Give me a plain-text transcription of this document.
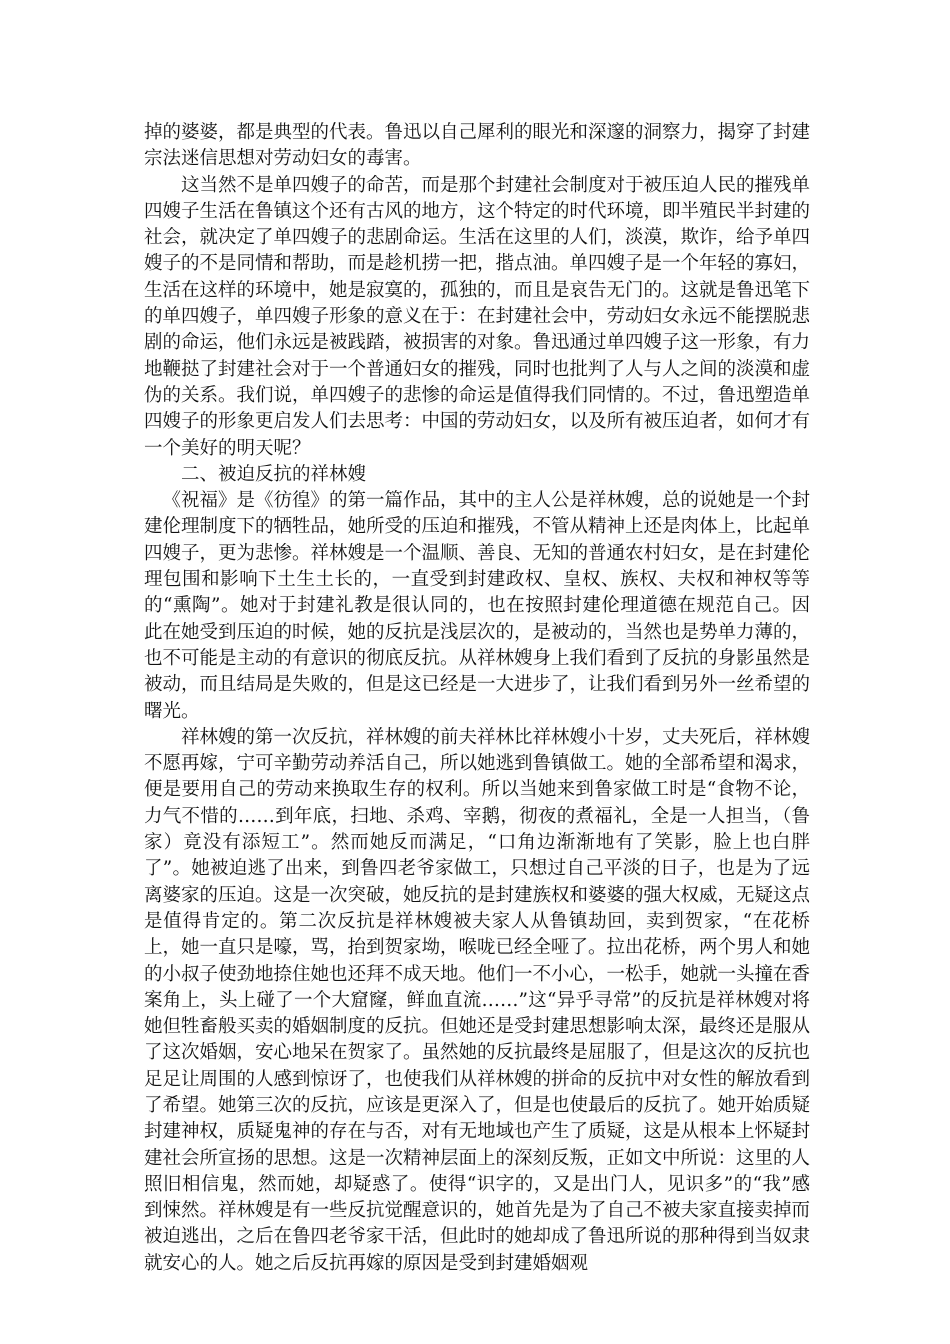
掉的婆婆，都是典型的代表。鲁迅以自己犀利的眼光和深邃的洞察力，揭穿了封建宗法迷信思想对劳动妇女的毒害。

这当然不是单四嫂子的命苦，而是那个封建社会制度对于被压迫人民的摧残单四嫂子生活在鲁镇这个还有古风的地方，这个特定的时代环境，即半殖民半封建的社会，就决定了单四嫂子的悲剧命运。生活在这里的人们，淡漠，欺诈，给予单四嫂子的不是同情和帮助，而是趁机捞一把，揩点油。单四嫂子是一个年轻的寡妇，生活在这样的环境中，她是寂寞的，孤独的，而且是哀告无门的。这就是鲁迅笔下的单四嫂子，单四嫂子形象的意义在于：在封建社会中，劳动妇女永远不能摆脱悲剧的命运，他们永远是被践踏，被损害的对象。鲁迅通过单四嫂子这一形象，有力地鞭挞了封建社会对于一个普通妇女的摧残，同时也批判了人与人之间的淡漠和虚伪的关系。我们说，单四嫂子的悲惨的命运是值得我们同情的。不过，鲁迅塑造单四嫂子的形象更启发人们去思考：中国的劳动妇女，以及所有被压迫者，如何才有一个美好的明天呢？

二、被迫反抗的祥林嫂

《祝福》是《彷徨》的第一篇作品，其中的主人公是祥林嫂，总的说她是一个封建伦理制度下的牺牲品，她所受的压迫和摧残，不管从精神上还是肉体上，比起单四嫂子，更为悲惨。祥林嫂是一个温顺、善良、无知的普通农村妇女，是在封建伦理包围和影响下土生土长的，一直受到封建政权、皇权、族权、夫权和神权等等的“熏陶”。她对于封建礼教是很认同的，也在按照封建伦理道德在规范自己。因此在她受到压迫的时候，她的反抗是浅层次的，是被动的，当然也是势单力薄的，也不可能是主动的有意识的彻底反抗。从祥林嫂身上我们看到了反抗的身影虽然是被动，而且结局是失败的，但是这已经是一大进步了，让我们看到另外一丝希望的曙光。

祥林嫂的第一次反抗，祥林嫂的前夫祥林比祥林嫂小十岁，丈夫死后，祥林嫂不愿再嫁，宁可辛勤劳动养活自己，所以她逃到鲁镇做工。她的全部希望和渴求，便是要用自己的劳动来换取生存的权利。所以当她来到鲁家做工时是“食物不论，力气不惜的……到年底，扫地、杀鸡、宰鹅，彻夜的煮福礼，全是一人担当，（鲁家）竟没有添短工”。然而她反而满足，“口角边渐渐地有了笑影，脸上也白胖了”。她被迫逃了出来，到鲁四老爷家做工，只想过自己平淡的日子，也是为了远离婆家的压迫。这是一次突破，她反抗的是封建族权和婆婆的强大权威，无疑这点是值得肯定的。第二次反抗是祥林嫂被夫家人从鲁镇劫回，卖到贺家，“在花桥上，她一直只是嚎，骂，抬到贺家坳，喉咙已经全哑了。拉出花桥，两个男人和她的小叔子使劲地捺住她也还拜不成天地。他们一不小心，一松手，她就一头撞在香案角上，头上碰了一个大窟窿，鲜血直流……”这“异乎寻常”的反抗是祥林嫂对将她但牲畜般买卖的婚姻制度的反抗。但她还是受封建思想影响太深，最终还是服从了这次婚姻，安心地呆在贺家了。虽然她的反抗最终是屈服了，但是这次的反抗也足足让周围的人感到惊讶了，也使我们从祥林嫂的拼命的反抗中对女性的解放看到了希望。她第三次的反抗，应该是更深入了，但是也使最后的反抗了。她开始质疑封建神权，质疑鬼神的存在与否，对有无地域也产生了质疑，这是从根本上怀疑封建社会所宣扬的思想。这是一次精神层面上的深刻反叛，正如文中所说：这里的人照旧相信鬼，然而她，却疑惑了。使得“识字的，又是出门人，见识多”的“我”感到悚然。祥林嫂是有一些反抗觉醒意识的，她首先是为了自己不被夫家直接卖掉而被迫逃出，之后在鲁四老爷家干活，但此时的她却成了鲁迅所说的那种得到当奴隶就安心的人。她之后反抗再嫁的原因是受到封建婚姻观
